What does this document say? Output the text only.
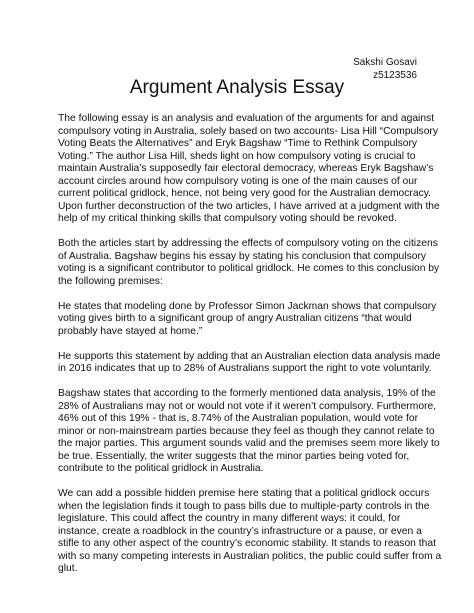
Sakshi Gosavi
z5123536
Argument Analysis Essay

The following essay is an analysis and evaluation of the arguments for and against
compulsory voting in Australia, solely based on two accounts- Lisa Hill “Compulsory
Voting Beats the Alternatives” and Eryk Bagshaw “Time to Rethink Compulsory
Voting.” The author Lisa Hill, sheds light on how compulsory voting is crucial to
maintain Australia’s supposedly fair electoral democracy, whereas Eryk Bagshaw’s
account circles around how compulsory voting is one of the main causes of our
current political gridlock, hence, not being very good for the Australian democracy.
Upon further deconstruction of the two articles, I have arrived at a judgment with the
help of my critical thinking skills that compulsory voting should be revoked.

Both the articles start by addressing the effects of compulsory voting on the citizens
of Australia. Bagshaw begins his essay by stating his conclusion that compulsory
voting is a significant contributor to political gridlock. He comes to this conclusion by
the following premises:

He states that modeling done by Professor Simon Jackman shows that compulsory
voting gives birth to a significant group of angry Australian citizens “that would
probably have stayed at home.”

He supports this statement by adding that an Australian election data analysis made
in 2016 indicates that up to 28% of Australians support the right to vote voluntarily.

Bagshaw states that according to the formerly mentioned data analysis, 19% of the
28% of Australians may not or would not vote if it weren’t compulsory. Furthermore,
46% out of this 19% - that is, 8.74% of the Australian population, would vote for
minor or non-mainstream parties because they feel as though they cannot relate to
the major parties. This argument sounds valid and the premises seem more likely to
be true. Essentially, the writer suggests that the minor parties being voted for,
contribute to the political gridlock in Australia.

We can add a possible hidden premise here stating that a political gridlock occurs
when the legislation finds it tough to pass bills due to multiple-party controls in the
legislature. This could affect the country in many different ways: it could, for
instance, create a roadblock in the country’s infrastructure or a pause, or even a
stifle to any other aspect of the country’s economic stability. It stands to reason that
with so many competing interests in Australian politics, the public could suffer from a
glut.
